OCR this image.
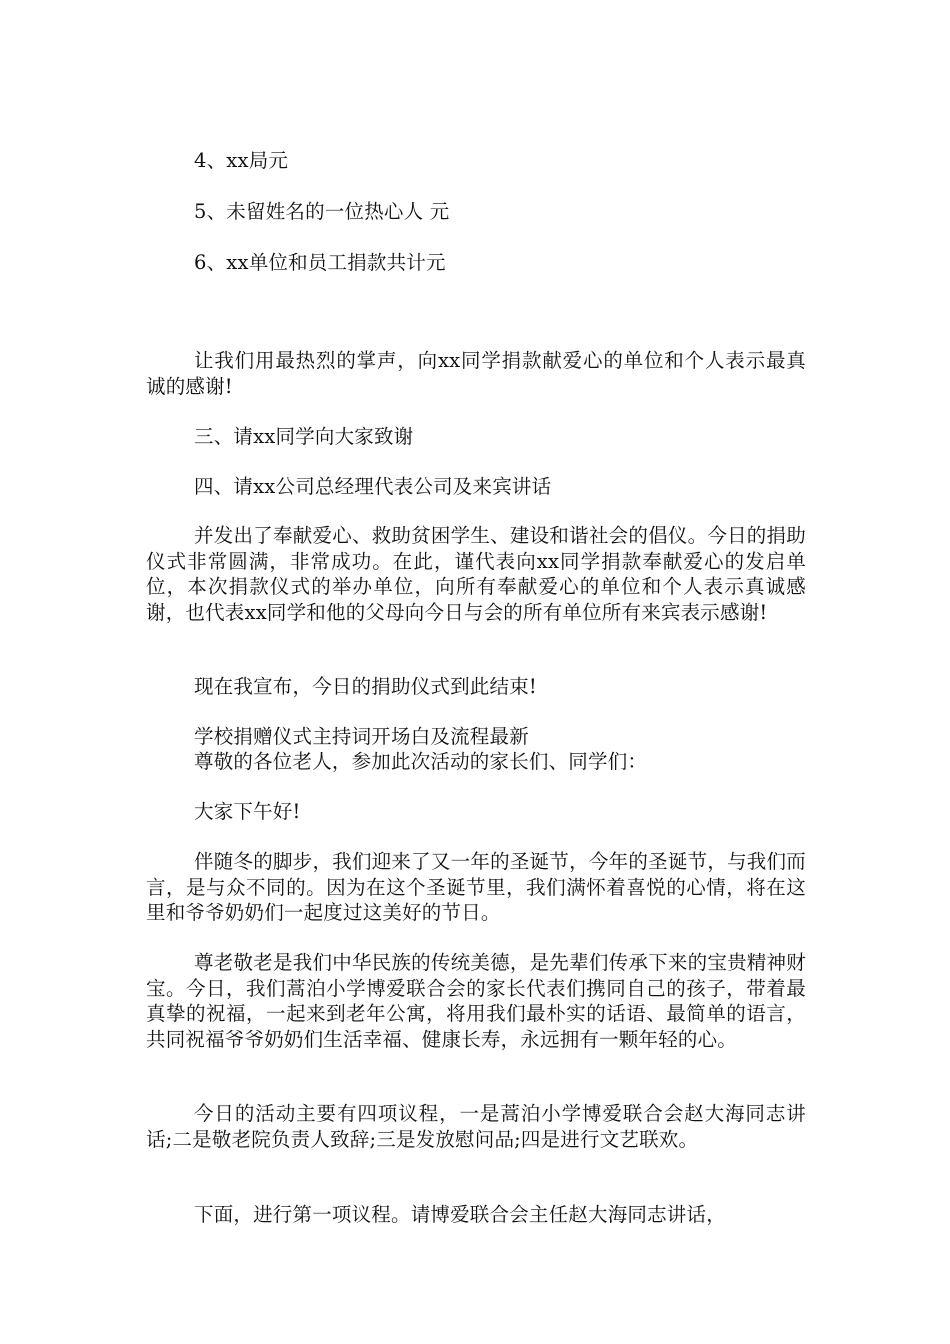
4、xx局元

5、未留姓名的一位热心人 元

6、xx单位和员工捐款共计元

让我们用最热烈的掌声，向xx同学捐款献爱心的单位和个人表示最真诚的感谢!

三、请xx同学向大家致谢

四、请xx公司总经理代表公司及来宾讲话

并发出了奉献爱心、救助贫困学生、建设和谐社会的倡仪。今日的捐助仪式非常圆满，非常成功。在此，谨代表向xx同学捐款奉献爱心的发启单位，本次捐款仪式的举办单位，向所有奉献爱心的单位和个人表示真诚感谢，也代表xx同学和他的父母向今日与会的所有单位所有来宾表示感谢!

现在我宣布，今日的捐助仪式到此结束!

学校捐赠仪式主持词开场白及流程最新

尊敬的各位老人，参加此次活动的家长们、同学们：

大家下午好!

伴随冬的脚步，我们迎来了又一年的圣诞节，今年的圣诞节，与我们而言，是与众不同的。因为在这个圣诞节里，我们满怀着喜悦的心情，将在这里和爷爷奶奶们一起度过这美好的节日。

尊老敬老是我们中华民族的传统美德，是先辈们传承下来的宝贵精神财宝。今日，我们蒿泊小学博爱联合会的家长代表们携同自己的孩子，带着最真挚的祝福，一起来到老年公寓，将用我们最朴实的话语、最简单的语言，共同祝福爷爷奶奶们生活幸福、健康长寿，永远拥有一颗年轻的心。

今日的活动主要有四项议程，一是蒿泊小学博爱联合会赵大海同志讲话;二是敬老院负责人致辞;三是发放慰问品;四是进行文艺联欢。

下面，进行第一项议程。请博爱联合会主任赵大海同志讲话，
